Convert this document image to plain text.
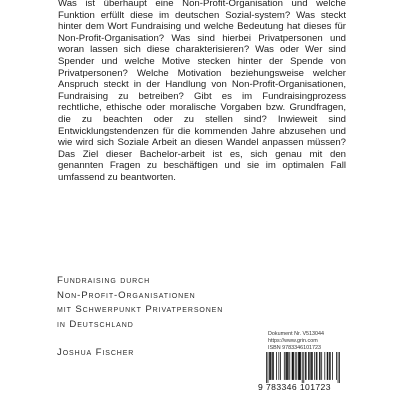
Was ist überhaupt eine Non-Profit-Organisation und welche Funktion erfüllt diese im deutschen Sozial-system? Was steckt hinter dem Wort Fundraising und welche Bedeutung hat dieses für Non-Profit-Organisation? Was sind hierbei Privatpersonen und woran lassen sich diese charakterisieren? Was oder Wer sind Spender und welche Motive stecken hinter der Spende von Privatpersonen? Welche Motivation beziehungsweise welcher Anspruch steckt in der Handlung von Non-Profit-Organisationen, Fundraising zu betreiben? Gibt es im Fundraisingprozess rechtliche, ethische oder moralische Vorgaben bzw. Grundfragen, die zu beachten oder zu stellen sind? Inwieweit sind Entwicklungstendenzen für die kommenden Jahre abzusehen und wie wird sich Soziale Arbeit an diesen Wandel anpassen müssen? Das Ziel dieser Bachelor-arbeit ist es, sich genau mit den genannten Fragen zu beschäftigen und sie im optimalen Fall umfassend zu beantworten.

Fundraising durch
Non-Profit-Organisationen
mit Schwerpunkt Privatpersonen
in Deutschland

Joshua Fischer

Dokument Nr. V513044
https://www.grin.com
ISBN 9783346101723
9 783346 101723
